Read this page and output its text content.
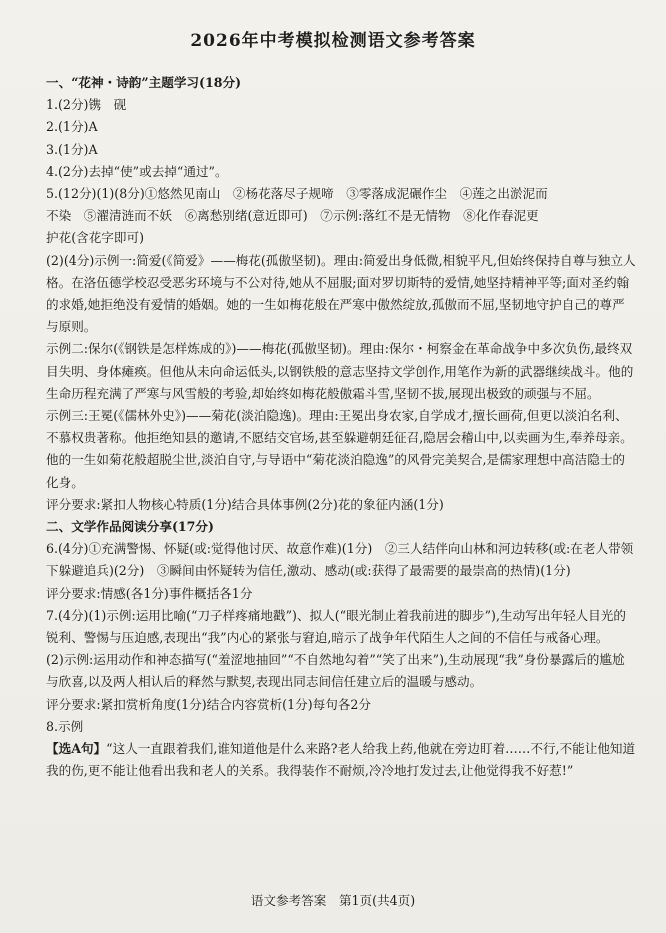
2026年中考模拟检测语文参考答案

一、“花神・诗韵”主题学习(18分)

1.(2分)镌　砚

2.(1分)A

3.(1分)A

4.(2分)去掉“使”或去掉“通过”。

5.(12分)(1)(8分)①悠然见南山　②杨花落尽子规啼　③零落成泥碾作尘　④莲之出淤泥而

不染　⑤濯清涟而不妖　⑥离愁别绪(意近即可)　⑦示例:落红不是无情物　⑧化作春泥更

护花(含花字即可)

(2)(4分)示例一:简爱(《简爱》——梅花(孤傲坚韧)。理由:简爱出身低微,相貌平凡,但始终保持自尊与独立人格。在洛伍德学校忍受恶劣环境与不公对待,她从不屈服;面对罗切斯特的爱情,她坚持精神平等;面对圣约翰的求婚,她拒绝没有爱情的婚姻。她的一生如梅花般在严寒中傲然绽放,孤傲而不屈,坚韧地守护自己的尊严与原则。

示例二:保尔(《钢铁是怎样炼成的》)——梅花(孤傲坚韧)。理由:保尔・柯察金在革命战争中多次负伤,最终双目失明、身体瘫痪。但他从未向命运低头,以钢铁般的意志坚持文学创作,用笔作为新的武器继续战斗。他的生命历程充满了严寒与风雪般的考验,却始终如梅花般傲霜斗雪,坚韧不拔,展现出极致的顽强与不屈。

示例三:王冕(《儒林外史》)——菊花(淡泊隐逸)。理由:王冕出身农家,自学成才,擅长画荷,但更以淡泊名利、不慕权贵著称。他拒绝知县的邀请,不愿结交官场,甚至躲避朝廷征召,隐居会稽山中,以卖画为生,奉养母亲。他的一生如菊花般超脱尘世,淡泊自守,与导语中“菊花淡泊隐逸”的风骨完美契合,是儒家理想中高洁隐士的化身。

评分要求:紧扣人物核心特质(1分)结合具体事例(2分)花的象征内涵(1分)

二、文学作品阅读分享(17分)

6.(4分)①充满警惕、怀疑(或:觉得他讨厌、故意作难)(1分)　②三人结伴向山林和河边转移(或:在老人带领下躲避追兵)(2分)　③瞬间由怀疑转为信任,激动、感动(或:获得了最需要的最崇高的热情)(1分)

评分要求:情感(各1分)事件概括各1分

7.(4分)(1)示例:运用比喻(“刀子样疼痛地戳”)、拟人(“眼光制止着我前进的脚步”),生动写出年轻人目光的锐利、警惕与压迫感,表现出“我”内心的紧张与窘迫,暗示了战争年代陌生人之间的不信任与戒备心理。

(2)示例:运用动作和神态描写(“羞涩地抽回”“不自然地勾着”“笑了出来”),生动展现“我”身份暴露后的尴尬与欣喜,以及两人相认后的释然与默契,表现出同志间信任建立后的温暖与感动。

评分要求:紧扣赏析角度(1分)结合内容赏析(1分)每句各2分

8.示例

【选A句】“这人一直跟着我们,谁知道他是什么来路?老人给我上药,他就在旁边盯着……不行,不能让他知道我的伤,更不能让他看出我和老人的关系。我得装作不耐烦,冷冷地打发过去,让他觉得我不好惹!”

语文参考答案　第1页(共4页)
